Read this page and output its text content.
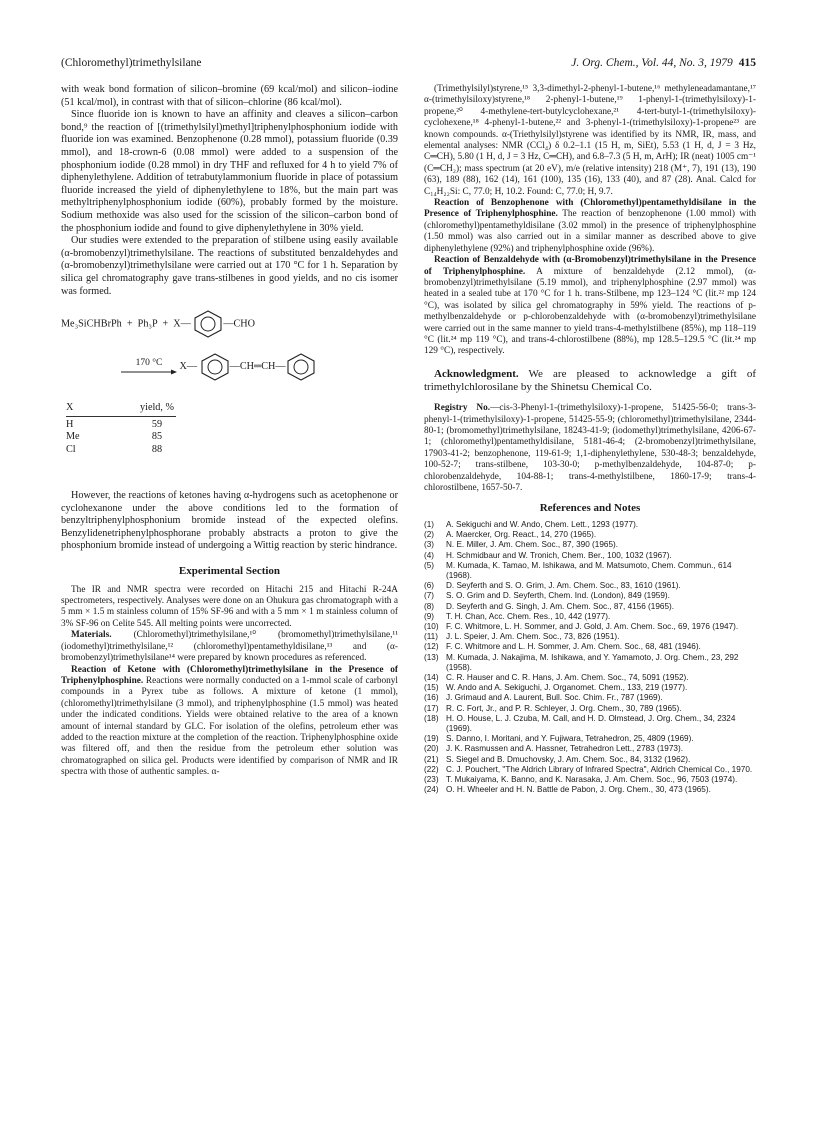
(Chloromethyl)trimethylsilane	J. Org. Chem., Vol. 44, No. 3, 1979 415

with weak bond formation of silicon–bromine (69 kcal/mol) and silicon–iodine (51 kcal/mol), in contrast with that of silicon–chlorine (86 kcal/mol).

Since fluoride ion is known to have an affinity and cleaves a silicon–carbon bond,⁹ the reaction of [(trimethylsilyl)methyl]triphenylphosphonium iodide with fluoride ion was examined. Benzophenone (0.28 mmol), potassium fluoride (0.39 mmol), and 18-crown-6 (0.08 mmol) were added to a suspension of the phosphonium iodide (0.28 mmol) in dry THF and refluxed for 4 h to yield 7% of diphenylethylene. Addition of tetrabutylammonium fluoride in place of potassium fluoride increased the yield of diphenylethylene to 18%, but the main part was methyltriphenylphosphonium iodide (60%), probably formed by the moisture. Sodium methoxide was also used for the scission of the silicon–carbon bond of the phosphonium iodide and found to give diphenylethylene in 30% yield.

Our studies were extended to the preparation of stilbene using easily available (α-bromobenzyl)trimethylsilane. The reactions of substituted benzaldehydes and (α-bromobenzyl)trimethylsilane were carried out at 170 °C for 1 h. Separation by silica gel chromatography gave trans-stilbenes in good yields, and no cis isomer was formed.

Me₃SiCHBrPh + Ph₃P + X—	—CHO
170 °C	X—	—CH═CH—
X	yield, %
H	59
Me	85
Cl	88

However, the reactions of ketones having α-hydrogens such as acetophenone or cyclohexanone under the above conditions led to the formation of benzyltriphenylphosphonium bromide instead of the expected olefins. Benzylidenetriphenylphosphorane probably abstracts a proton to give the phosphonium bromide instead of undergoing a Wittig reaction by steric hindrance.

Experimental Section

The IR and NMR spectra were recorded on Hitachi 215 and Hitachi R-24A spectrometers, respectively. Analyses were done on an Ohukura gas chromatograph with a 5 mm × 1.5 m stainless column of 15% SF-96 and with a 5 mm × 1 m stainless column of 3% SF-96 on Celite 545. All melting points were uncorrected.

Materials. (Chloromethyl)trimethylsilane,¹⁰ (bromomethyl)trimethylsilane,¹¹ (iodomethyl)trimethylsilane,¹² (chloromethyl)pentamethyldisilane,¹³ and (α-bromobenzyl)trimethylsilane¹⁴ were prepared by known procedures as referenced.

Reaction of Ketone with (Chloromethyl)trimethylsilane in the Presence of Triphenylphosphine. Reactions were normally conducted on a 1-mmol scale of carbonyl compounds in a Pyrex tube as follows. A mixture of ketone (1 mmol), (chloromethyl)trimethylsilane (3 mmol), and triphenylphosphine (1.5 mmol) was heated under the indicated conditions. Yields were obtained relative to the area of a known amount of internal standard by GLC. For isolation of the olefins, petroleum ether was added to the reaction mixture at the completion of the reaction. Triphenylphosphine oxide was filtered off, and then the residue from the petroleum ether solution was chromatographed on silica gel. Products were identified by comparison of NMR and IR spectra with those of authentic samples. α-

(Trimethylsilyl)styrene,¹⁵ 3,3-dimethyl-2-phenyl-1-butene,¹⁶ methyleneadamantane,¹⁷ α-(trimethylsiloxy)styrene,¹⁸ 2-phenyl-1-butene,¹⁹ 1-phenyl-1-(trimethylsiloxy)-1-propene,²⁰ 4-methylene-tert-butylcyclohexane,²¹ 4-tert-butyl-1-(trimethylsiloxy)-cyclohexene,¹⁸ 4-phenyl-1-butene,²² and 3-phenyl-1-(trimethylsiloxy)-1-propene²³ are known compounds. α-(Triethylsilyl)styrene was identified by its NMR, IR, mass, and elemental analyses: NMR (CCl₄) δ 0.2–1.1 (15 H, m, SiEt), 5.53 (1 H, d, J = 3 Hz, C═CH), 5.80 (1 H, d, J = 3 Hz, C═CH), and 6.8–7.3 (5 H, m, ArH); IR (neat) 1005 cm⁻¹ (C═CH₂); mass spectrum (at 20 eV), m/e (relative intensity) 218 (M⁺, 7), 191 (13), 190 (63), 189 (88), 162 (14), 161 (100), 135 (16), 133 (40), and 87 (28). Anal. Calcd for C₁₄H₂₂Si: C, 77.0; H, 10.2. Found: C, 77.0; H, 9.7.

Reaction of Benzophenone with (Chloromethyl)pentamethyldisilane in the Presence of Triphenylphosphine. The reaction of benzophenone (1.00 mmol) with (chloromethyl)pentamethyldisilane (3.02 mmol) in the presence of triphenylphosphine (1.50 mmol) was also carried out in a similar manner as described above to give diphenylethylene (92%) and triphenylphosphine oxide (96%).

Reaction of Benzaldehyde with (α-Bromobenzyl)trimethylsilane in the Presence of Triphenylphosphine. A mixture of benzaldehyde (2.12 mmol), (α-bromobenzyl)trimethylsilane (5.19 mmol), and triphenylphosphine (2.97 mmol) was heated in a sealed tube at 170 °C for 1 h. trans-Stilbene, mp 123–124 °C (lit.²² mp 124 °C), was isolated by silica gel chromatography in 59% yield. The reactions of p-methylbenzaldehyde or p-chlorobenzaldehyde with (α-bromobenzyl)trimethylsilane were carried out in the same manner to yield trans-4-methylstilbene (85%), mp 118–119 °C (lit.²⁴ mp 119 °C), and trans-4-chlorostilbene (88%), mp 128.5–129.5 °C (lit.²⁴ mp 129 °C), respectively.

Acknowledgment. We are pleased to acknowledge a gift of trimethylchlorosilane by the Shinetsu Chemical Co.

Registry No.—cis-3-Phenyl-1-(trimethylsiloxy)-1-propene, 51425-56-0; trans-3-phenyl-1-(trimethylsiloxy)-1-propene, 51425-55-9; (chloromethyl)trimethylsilane, 2344-80-1; (bromomethyl)trimethylsilane, 18243-41-9; (iodomethyl)trimethylsilane, 4206-67-1; (chloromethyl)pentamethyldisilane, 5181-46-4; (2-bromobenzyl)trimethylsilane, 17903-41-2; benzophenone, 119-61-9; 1,1-diphenylethylene, 530-48-3; benzaldehyde, 100-52-7; trans-stilbene, 103-30-0; p-methylbenzaldehyde, 104-87-0; p-chlorobenzaldehyde, 104-88-1; trans-4-methylstilbene, 1860-17-9; trans-4-chlorostilbene, 1657-50-7.

References and Notes
(1)	A. Sekiguchi and W. Ando, Chem. Lett., 1293 (1977).
(2)	A. Maercker, Org. React., 14, 270 (1965).
(3)	N. E. Miller, J. Am. Chem. Soc., 87, 390 (1965).
(4)	H. Schmidbaur and W. Tronich, Chem. Ber., 100, 1032 (1967).
(5)	M. Kumada, K. Tamao, M. Ishikawa, and M. Matsumoto, Chem. Commun., 614 (1968).
(6)	D. Seyferth and S. O. Grim, J. Am. Chem. Soc., 83, 1610 (1961).
(7)	S. O. Grim and D. Seyferth, Chem. Ind. (London), 849 (1959).
(8)	D. Seyferth and G. Singh, J. Am. Chem. Soc., 87, 4156 (1965).
(9)	T. H. Chan, Acc. Chem. Res., 10, 442 (1977).
(10) F. C. Whitmore, L. H. Sommer, and J. Gold, J. Am. Chem. Soc., 69, 1976 (1947).
(11) J. L. Speier, J. Am. Chem. Soc., 73, 826 (1951).
(12) F. C. Whitmore and L. H. Sommer, J. Am. Chem. Soc., 68, 481 (1946).
(13) M. Kumada, J. Nakajima, M. Ishikawa, and Y. Yamamoto, J. Org. Chem., 23, 292 (1958).
(14) C. R. Hauser and C. R. Hans, J. Am. Chem. Soc., 74, 5091 (1952).
(15) W. Ando and A. Sekiguchi, J. Organomet. Chem., 133, 219 (1977).
(16) J. Grimaud and A. Laurent, Bull. Soc. Chim. Fr., 787 (1969).
(17) R. C. Fort, Jr., and P. R. Schleyer, J. Org. Chem., 30, 789 (1965).
(18) H. O. House, L. J. Czuba, M. Call, and H. D. Olmstead, J. Org. Chem., 34, 2324 (1969).
(19) S. Danno, I. Moritani, and Y. Fujiwara, Tetrahedron, 25, 4809 (1969).
(20) J. K. Rasmussen and A. Hassner, Tetrahedron Lett., 2783 (1973).
(21) S. Siegel and B. Dmuchovsky, J. Am. Chem. Soc., 84, 3132 (1962).
(22) C. J. Pouchert, "The Aldrich Library of Infrared Spectra", Aldrich Chemical Co., 1970.
(23) T. Mukaiyama, K. Banno, and K. Narasaka, J. Am. Chem. Soc., 96, 7503 (1974).
(24) O. H. Wheeler and H. N. Battle de Pabon, J. Org. Chem., 30, 473 (1965).
